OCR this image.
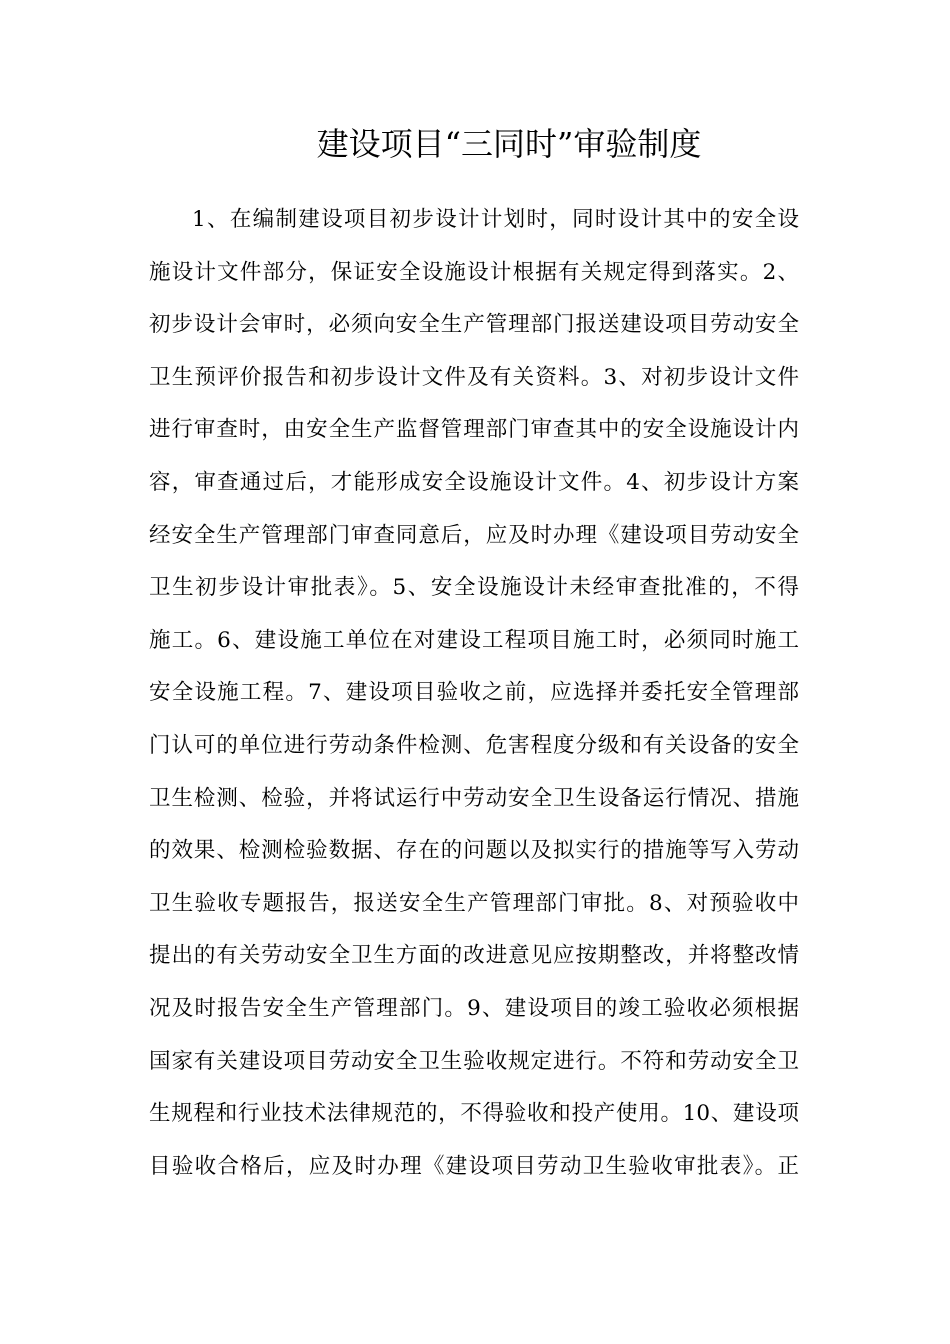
建设项目“三同时”审验制度
1、在编制建设项目初步设计计划时，同时设计其中的安全设
施设计文件部分，保证安全设施设计根据有关规定得到落实。2、
初步设计会审时，必须向安全生产管理部门报送建设项目劳动安全
卫生预评价报告和初步设计文件及有关资料。3、对初步设计文件
进行审查时，由安全生产监督管理部门审查其中的安全设施设计内
容，审查通过后，才能形成安全设施设计文件。4、初步设计方案
经安全生产管理部门审查同意后，应及时办理《建设项目劳动安全
卫生初步设计审批表》。5、安全设施设计未经审查批准的，不得
施工。6、建设施工单位在对建设工程项目施工时，必须同时施工
安全设施工程。7、建设项目验收之前，应选择并委托安全管理部
门认可的单位进行劳动条件检测、危害程度分级和有关设备的安全
卫生检测、检验，并将试运行中劳动安全卫生设备运行情况、措施
的效果、检测检验数据、存在的问题以及拟实行的措施等写入劳动
卫生验收专题报告，报送安全生产管理部门审批。8、对预验收中
提出的有关劳动安全卫生方面的改进意见应按期整改，并将整改情
况及时报告安全生产管理部门。9、建设项目的竣工验收必须根据
国家有关建设项目劳动安全卫生验收规定进行。不符和劳动安全卫
生规程和行业技术法律规范的，不得验收和投产使用。10、建设项
目验收合格后，应及时办理《建设项目劳动卫生验收审批表》。正
